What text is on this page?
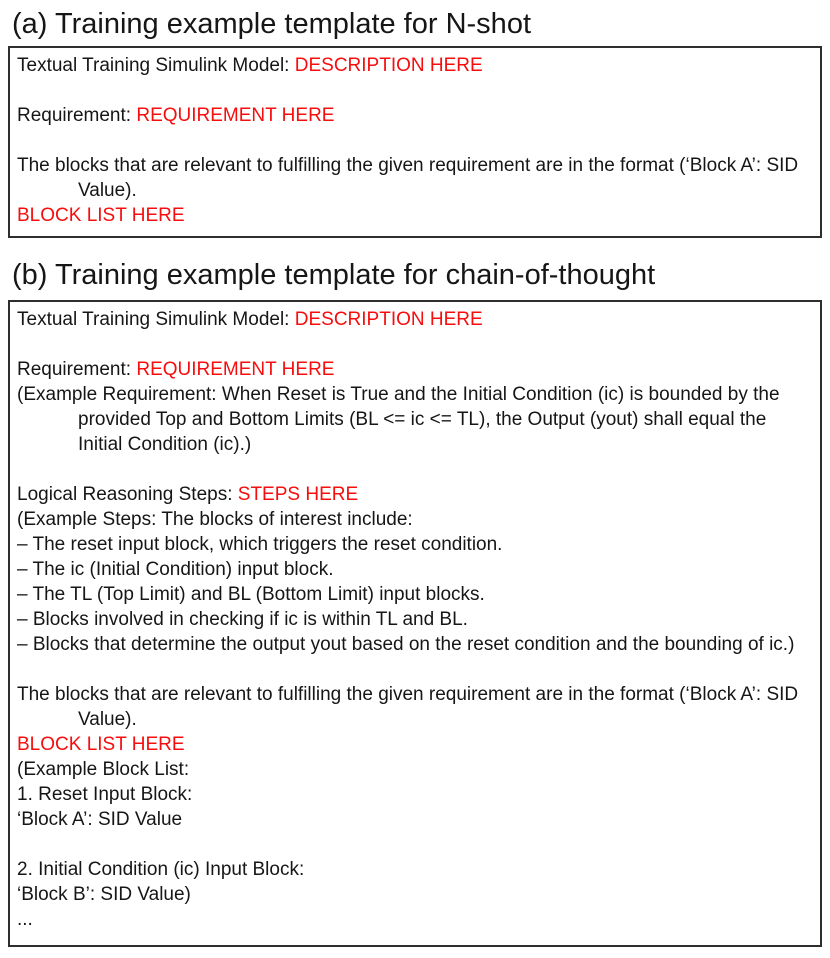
(a) Training example template for N-shot
Textual Training Simulink Model: DESCRIPTION HERE

Requirement: REQUIREMENT HERE

The blocks that are relevant to fulfilling the given requirement are in the format (‘Block A’: SID
Value).
BLOCK LIST HERE
(b) Training example template for chain-of-thought
Textual Training Simulink Model: DESCRIPTION HERE

Requirement: REQUIREMENT HERE
(Example Requirement: When Reset is True and the Initial Condition (ic) is bounded by the
provided Top and Bottom Limits (BL <= ic <= TL), the Output (yout) shall equal the
Initial Condition (ic).)

Logical Reasoning Steps: STEPS HERE
(Example Steps: The blocks of interest include:
– The reset input block, which triggers the reset condition.
– The ic (Initial Condition) input block.
– The TL (Top Limit) and BL (Bottom Limit) input blocks.
– Blocks involved in checking if ic is within TL and BL.
– Blocks that determine the output yout based on the reset condition and the bounding of ic.)

The blocks that are relevant to fulfilling the given requirement are in the format (‘Block A’: SID
Value).
BLOCK LIST HERE
(Example Block List:
1. Reset Input Block:
‘Block A’: SID Value

2. Initial Condition (ic) Input Block:
‘Block B’: SID Value)
...
